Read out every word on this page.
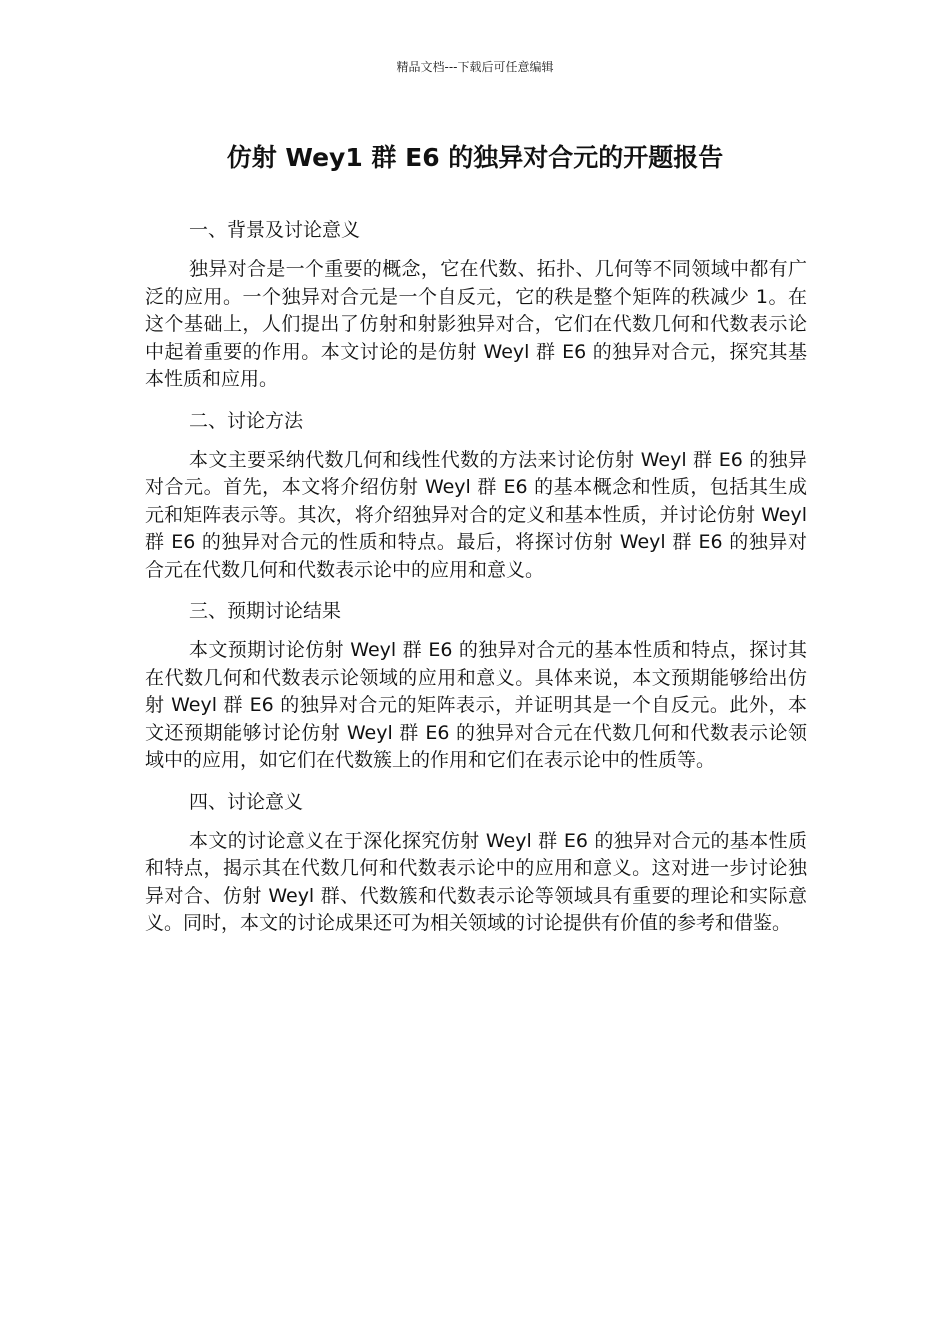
精品文档---下载后可任意编辑
仿射 Wey1 群 E6 的独异对合元的开题报告

一、背景及讨论意义

独异对合是一个重要的概念，它在代数、拓扑、几何等不同领域中都有广泛的应用。一个独异对合元是一个自反元，它的秩是整个矩阵的秩减少 1。在这个基础上，人们提出了仿射和射影独异对合，它们在代数几何和代数表示论中起着重要的作用。本文讨论的是仿射 Weyl 群 E6 的独异对合元，探究其基本性质和应用。

二、讨论方法

本文主要采纳代数几何和线性代数的方法来讨论仿射 Weyl 群 E6 的独异对合元。首先，本文将介绍仿射 Weyl 群 E6 的基本概念和性质，包括其生成元和矩阵表示等。其次，将介绍独异对合的定义和基本性质，并讨论仿射 Weyl 群 E6 的独异对合元的性质和特点。最后，将探讨仿射 Weyl 群 E6 的独异对合元在代数几何和代数表示论中的应用和意义。

三、预期讨论结果

本文预期讨论仿射 Weyl 群 E6 的独异对合元的基本性质和特点，探讨其在代数几何和代数表示论领域的应用和意义。具体来说，本文预期能够给出仿射 Weyl 群 E6 的独异对合元的矩阵表示，并证明其是一个自反元。此外，本文还预期能够讨论仿射 Weyl 群 E6 的独异对合元在代数几何和代数表示论领域中的应用，如它们在代数簇上的作用和它们在表示论中的性质等。

四、讨论意义

本文的讨论意义在于深化探究仿射 Weyl 群 E6 的独异对合元的基本性质和特点，揭示其在代数几何和代数表示论中的应用和意义。这对进一步讨论独异对合、仿射 Weyl 群、代数簇和代数表示论等领域具有重要的理论和实际意义。同时，本文的讨论成果还可为相关领域的讨论提供有价值的参考和借鉴。
